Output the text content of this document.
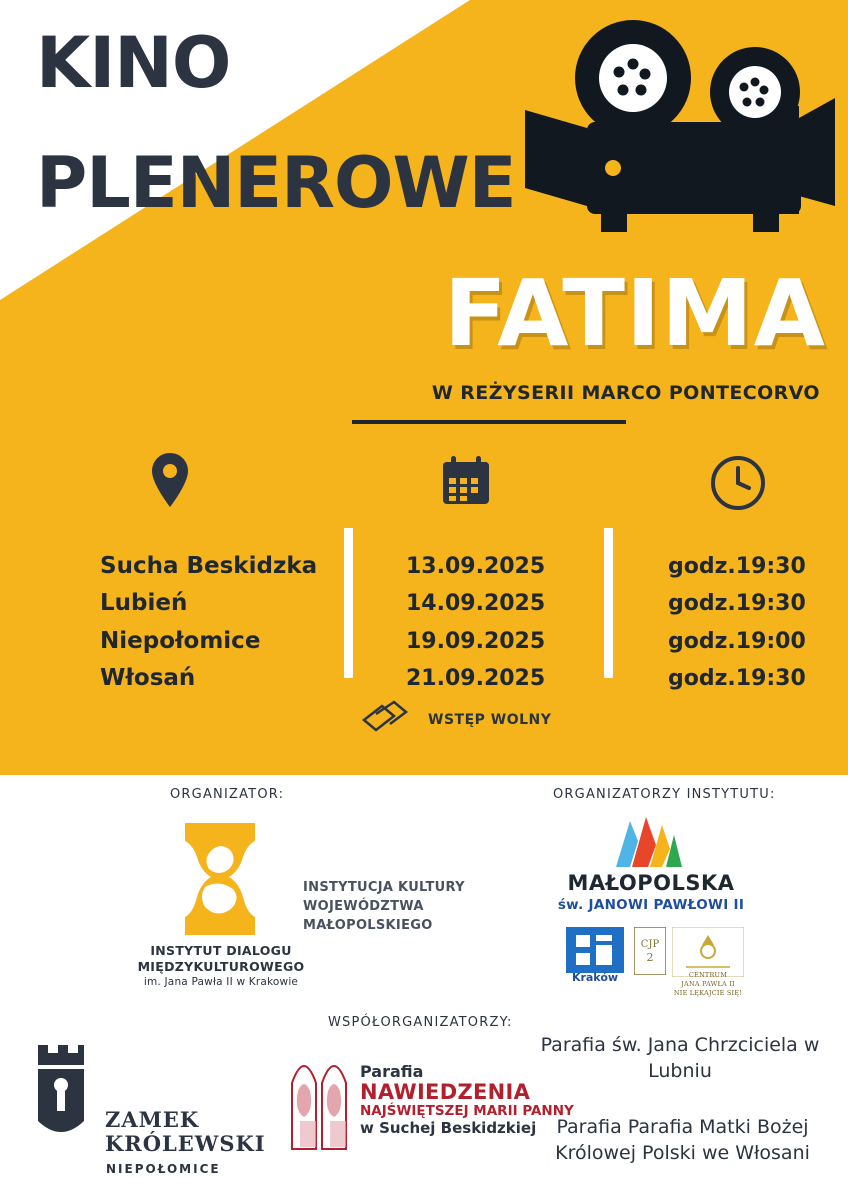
KINO
PLENEROWE
FATIMA
W REŻYSERII MARCO PONTECORVO
Sucha Beskidzka
Lubień
Niepołomice
Włosań
13.09.2025
14.09.2025
19.09.2025
21.09.2025
godz.19:30
godz.19:30
godz.19:00
godz.19:30
WSTĘP WOLNY
ORGANIZATOR:	ORGANIZATORZY INSTYTUTU:
WSPÓŁORGANIZATORZY:
INSTYTUT DIALOGU
MIĘDZYKULTUROWEGO
im. Jana Pawła II w Krakowie
INSTYTUCJA KULTURY
WOJEWÓDZTWA
MAŁOPOLSKIEGO
MAŁOPOLSKA
św. JANOWI PAWŁOWI II
Kraków
CJP
2
CENTRUM
JANA PAWŁA II
NIE LĘKAJCIE SIĘ!
ZAMEK
KRÓLEWSKI
NIEPOŁOMICE
Parafia
NAWIEDZENIA
NAJŚWIĘTSZEJ MARII PANNY
w Suchej Beskidzkiej
Parafia św. Jana Chrzciciela w Lubniu
Parafia Parafia Matki Bożej Królowej Polski we Włosani
